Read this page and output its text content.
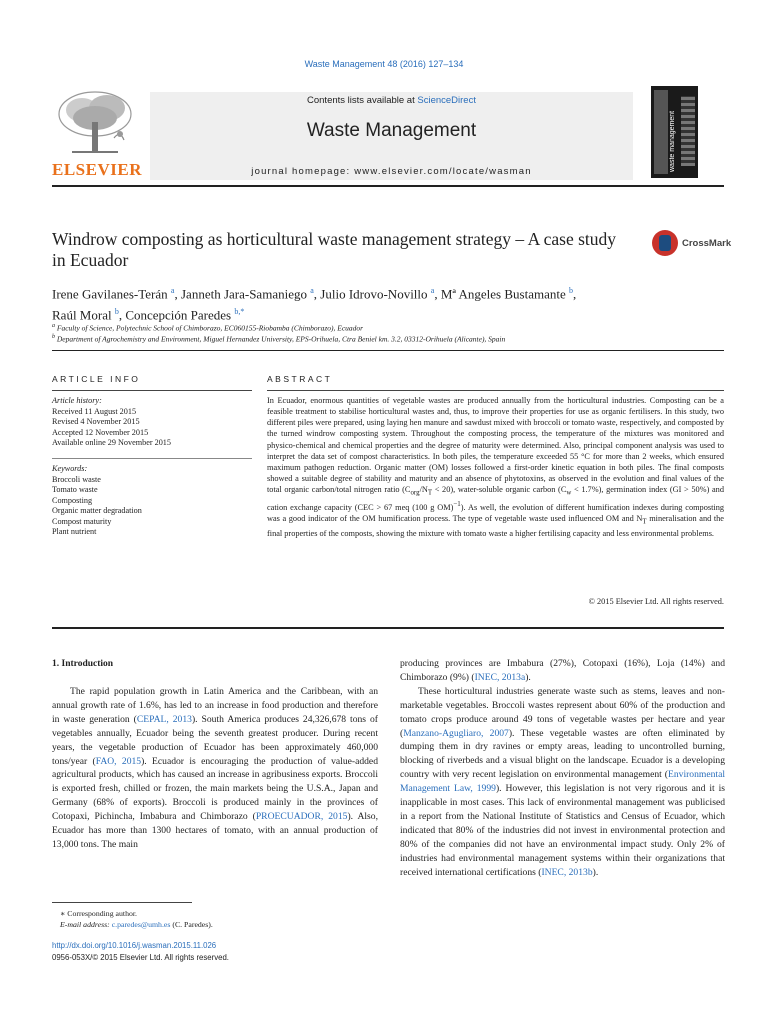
Waste Management 48 (2016) 127–134
ELSEVIER
Contents lists available at ScienceDirect
Waste Management
journal homepage: www.elsevier.com/locate/wasman	waste management
Windrow composting as horticultural waste management strategy – A case study in Ecuador
CrossMark
Irene Gavilanes-Terán $^a$, Janneth Jara-Samaniego $^a$, Julio Idrovo-Novillo $^a$, Mª Angeles Bustamante $^b$,
Raúl Moral $^b$, Concepción Paredes $^{b,*}$
$^a$ Faculty of Science, Polytechnic School of Chimborazo, EC060155-Riobamba (Chimborazo), Ecuador
$^b$ Department of Agrochemistry and Environment, Miguel Hernandez University, EPS-Orihuela, Ctra Beniel km. 3.2, 03312-Orihuela (Alicante), Spain
ARTICLE INFO	ABSTRACT
Article history:
Received 11 August 2015
Revised 4 November 2015
Accepted 12 November 2015
Available online 29 November 2015
Keywords:
Broccoli waste
Tomato waste
Composting
Organic matter degradation
Compost maturity
Plant nutrient
In Ecuador, enormous quantities of vegetable wastes are produced annually from the horticultural industries. Composting can be a feasible treatment to stabilise horticultural wastes and, thus, to improve their properties for use as organic fertilisers. In this study, two different piles were prepared, using laying hen manure and sawdust mixed with broccoli or tomato waste, respectively, and composted by the turned windrow composting system. Throughout the composting process, the temperature of the mixtures was monitored and physico-chemical and chemical properties and the degree of maturity were determined. Also, principal component analysis was used to interpret the data set of compost characteristics. In both piles, the temperature exceeded 55 °C for more than 2 weeks, which ensured maximum pathogen reduction. Organic matter (OM) losses followed a first-order kinetic equation in both piles. The final composts showed a suitable degree of stability and maturity and an absence of phytotoxins, as observed in the evolution and final values of the total organic carbon/total nitrogen ratio $(C_{org}/N_T < 20)$, water-soluble organic carbon $(C_w < 1.7\%)$, germination index (GI > 50%) and cation exchange capacity (CEC > 67 meq (100 g OM)$^{-1}$). As well, the evolution of different humification indexes during composting was a good indicator of the OM humification process. The type of vegetable waste used influenced OM and $N_T$ mineralisation and the final properties of the composts, showing the mixture with tomato waste a higher fertilising capacity and less environmental problems.
© 2015 Elsevier Ltd. All rights reserved.
1. Introduction

The rapid population growth in Latin America and the Caribbean, with an annual growth rate of 1.6%, has led to an increase in food production and therefore in waste generation (CEPAL, 2013). South America produces 24,326,678 tons of vegetables annually, Ecuador being the seventh greatest producer. During recent years, the vegetable production of Ecuador has been approximately 460,000 tons/year (FAO, 2015). Ecuador is encouraging the production of value-added agricultural products, which has caused an increase in agribusiness exports. Broccoli is exported fresh, chilled or frozen, the main markets being the U.S.A., Japan and Germany (68% of exports). Broccoli is produced mainly in the provinces of Cotopaxi, Pichincha, Imbabura and Chimborazo (PROECUADOR, 2015). Also, Ecuador has more than 1300 hectares of tomato, with an annual production of 13,000 tons. The main

producing provinces are Imbabura (27%), Cotopaxi (16%), Loja (14%) and Chimborazo (9%) (INEC, 2013a).

These horticultural industries generate waste such as stems, leaves and non-marketable vegetables. Broccoli wastes represent about 60% of the production and tomato crops produce around 49 tons of vegetable wastes per hectare and year (Manzano-Agugliaro, 2007). These vegetable wastes are often eliminated by dumping them in dry ravines or empty areas, leading to uncontrolled burning, blocking of riverbeds and a visual blight on the landscape. Ecuador is a developing country with very recent legislation on environmental management (Environmental Management Law, 1999). However, this legislation is not very rigorous and it is inapplicable in most cases. This lack of environmental management was publicised in a report from the National Institute of Statistics and Census of Ecuador, which indicated that 80% of the industries did not invest in environmental protection and 80% of the companies did not have an environmental impact study. Only 2% of industries had environmental management systems within their organizations that received international certifications (INEC, 2013b).

∗ Corresponding author.
E-mail address: c.paredes@umh.es (C. Paredes).
http://dx.doi.org/10.1016/j.wasman.2015.11.026
0956-053X/© 2015 Elsevier Ltd. All rights reserved.
